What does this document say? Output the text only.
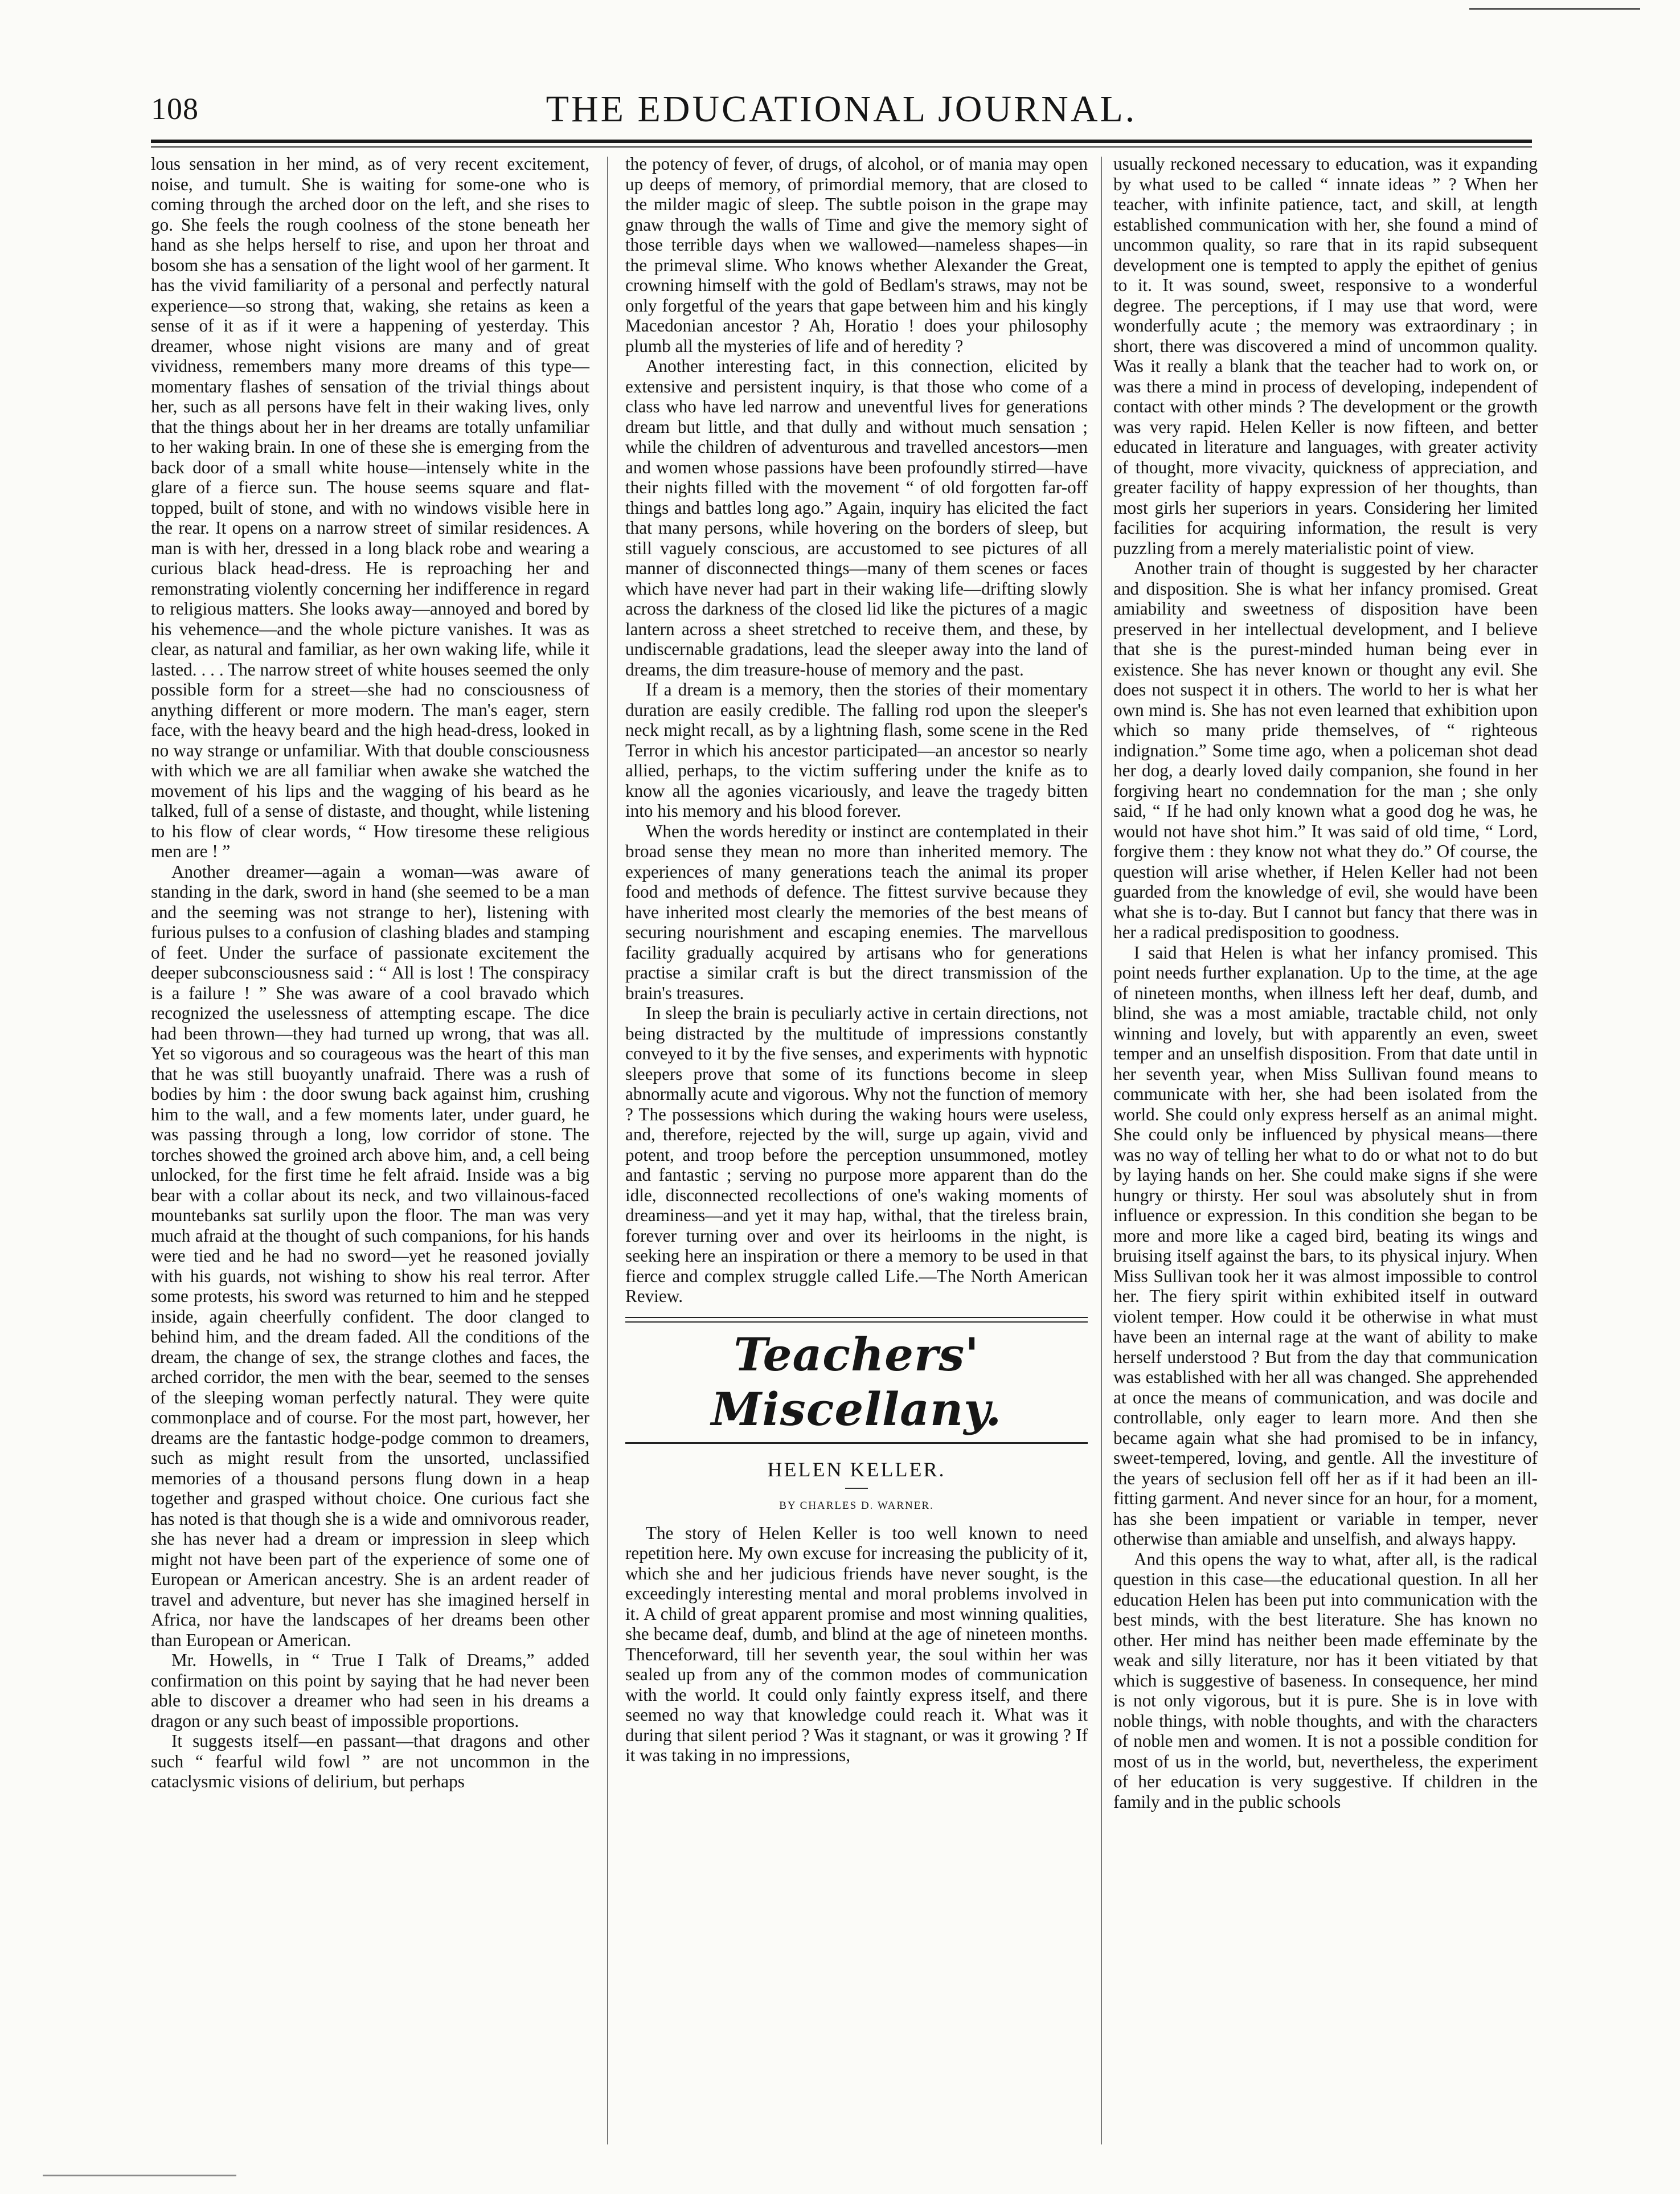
108	THE EDUCATIONAL JOURNAL.

lous sensation in her mind, as of very recent excitement, noise, and tumult. She is waiting for some-one who is coming through the arched door on the left, and she rises to go. She feels the rough coolness of the stone beneath her hand as she helps herself to rise, and upon her throat and bosom she has a sensation of the light wool of her garment. It has the vivid familiarity of a personal and perfectly natural experience—so strong that, waking, she retains as keen a sense of it as if it were a happening of yesterday. This dreamer, whose night visions are many and of great vividness, remembers many more dreams of this type—momentary flashes of sensation of the trivial things about her, such as all persons have felt in their waking lives, only that the things about her in her dreams are totally unfamiliar to her waking brain. In one of these she is emerging from the back door of a small white house—intensely white in the glare of a fierce sun. The house seems square and flat-topped, built of stone, and with no windows visible here in the rear. It opens on a narrow street of similar residences. A man is with her, dressed in a long black robe and wearing a curious black head-dress. He is reproaching her and remonstrating violently concerning her indifference in regard to religious matters. She looks away—annoyed and bored by his vehemence—and the whole picture vanishes. It was as clear, as natural and familiar, as her own waking life, while it lasted. . . . The narrow street of white houses seemed the only possible form for a street—she had no consciousness of anything different or more modern. The man's eager, stern face, with the heavy beard and the high head-dress, looked in no way strange or unfamiliar. With that double consciousness with which we are all familiar when awake she watched the movement of his lips and the wagging of his beard as he talked, full of a sense of distaste, and thought, while listening to his flow of clear words, “ How tiresome these religious men are ! ”

Another dreamer—again a woman—was aware of standing in the dark, sword in hand (she seemed to be a man and the seeming was not strange to her), listening with furious pulses to a confusion of clashing blades and stamping of feet. Under the surface of passionate excitement the deeper subconsciousness said : “ All is lost ! The conspiracy is a failure ! ” She was aware of a cool bravado which recognized the uselessness of attempting escape. The dice had been thrown—they had turned up wrong, that was all. Yet so vigorous and so courageous was the heart of this man that he was still buoyantly unafraid. There was a rush of bodies by him : the door swung back against him, crushing him to the wall, and a few moments later, under guard, he was passing through a long, low corridor of stone. The torches showed the groined arch above him, and, a cell being unlocked, for the first time he felt afraid. Inside was a big bear with a collar about its neck, and two villainous-faced mountebanks sat surlily upon the floor. The man was very much afraid at the thought of such companions, for his hands were tied and he had no sword—yet he reasoned jovially with his guards, not wishing to show his real terror. After some protests, his sword was returned to him and he stepped inside, again cheerfully confident. The door clanged to behind him, and the dream faded. All the conditions of the dream, the change of sex, the strange clothes and faces, the arched corridor, the men with the bear, seemed to the senses of the sleeping woman perfectly natural. They were quite commonplace and of course. For the most part, however, her dreams are the fantastic hodge-podge common to dreamers, such as might result from the unsorted, unclassified memories of a thousand persons flung down in a heap together and grasped without choice. One curious fact she has noted is that though she is a wide and omnivorous reader, she has never had a dream or impression in sleep which might not have been part of the experience of some one of European or American ancestry. She is an ardent reader of travel and adventure, but never has she imagined herself in Africa, nor have the landscapes of her dreams been other than European or American.

Mr. Howells, in “ True I Talk of Dreams,” added confirmation on this point by saying that he had never been able to discover a dreamer who had seen in his dreams a dragon or any such beast of impossible proportions.

It suggests itself—en passant—that dragons and other such “ fearful wild fowl ” are not uncommon in the cataclysmic visions of delirium, but perhaps

the potency of fever, of drugs, of alcohol, or of mania may open up deeps of memory, of primordial memory, that are closed to the milder magic of sleep. The subtle poison in the grape may gnaw through the walls of Time and give the memory sight of those terrible days when we wallowed—nameless shapes—in the primeval slime. Who knows whether Alexander the Great, crowning himself with the gold of Bedlam's straws, may not be only forgetful of the years that gape between him and his kingly Macedonian ancestor ? Ah, Horatio ! does your philosophy plumb all the mysteries of life and of heredity ?

Another interesting fact, in this connection, elicited by extensive and persistent inquiry, is that those who come of a class who have led narrow and uneventful lives for generations dream but little, and that dully and without much sensation ; while the children of adventurous and travelled ancestors—men and women whose passions have been profoundly stirred—have their nights filled with the movement “ of old forgotten far-off things and battles long ago.” Again, inquiry has elicited the fact that many persons, while hovering on the borders of sleep, but still vaguely conscious, are accustomed to see pictures of all manner of disconnected things—many of them scenes or faces which have never had part in their waking life—drifting slowly across the darkness of the closed lid like the pictures of a magic lantern across a sheet stretched to receive them, and these, by undiscernable gradations, lead the sleeper away into the land of dreams, the dim treasure-house of memory and the past.

If a dream is a memory, then the stories of their momentary duration are easily credible. The falling rod upon the sleeper's neck might recall, as by a lightning flash, some scene in the Red Terror in which his ancestor participated—an ancestor so nearly allied, perhaps, to the victim suffering under the knife as to know all the agonies vicariously, and leave the tragedy bitten into his memory and his blood forever.

When the words heredity or instinct are contemplated in their broad sense they mean no more than inherited memory. The experiences of many generations teach the animal its proper food and methods of defence. The fittest survive because they have inherited most clearly the memories of the best means of securing nourishment and escaping enemies. The marvellous facility gradually acquired by artisans who for generations practise a similar craft is but the direct transmission of the brain's treasures.

In sleep the brain is peculiarly active in certain directions, not being distracted by the multitude of impressions constantly conveyed to it by the five senses, and experiments with hypnotic sleepers prove that some of its functions become in sleep abnormally acute and vigorous. Why not the function of memory ? The possessions which during the waking hours were useless, and, therefore, rejected by the will, surge up again, vivid and potent, and troop before the perception unsummoned, motley and fantastic ; serving no purpose more apparent than do the idle, disconnected recollections of one's waking moments of dreaminess—and yet it may hap, withal, that the tireless brain, forever turning over and over its heirlooms in the night, is seeking here an inspiration or there a memory to be used in that fierce and complex struggle called Life.—The North American Review.

Teachers' Miscellany.
HELEN KELLER.
BY CHARLES D. WARNER.

The story of Helen Keller is too well known to need repetition here. My own excuse for increasing the publicity of it, which she and her judicious friends have never sought, is the exceedingly interesting mental and moral problems involved in it. A child of great apparent promise and most winning qualities, she became deaf, dumb, and blind at the age of nineteen months. Thenceforward, till her seventh year, the soul within her was sealed up from any of the common modes of communication with the world. It could only faintly express itself, and there seemed no way that knowledge could reach it. What was it during that silent period ? Was it stagnant, or was it growing ? If it was taking in no impressions,

usually reckoned necessary to education, was it expanding by what used to be called “ innate ideas ” ? When her teacher, with infinite patience, tact, and skill, at length established communication with her, she found a mind of uncommon quality, so rare that in its rapid subsequent development one is tempted to apply the epithet of genius to it. It was sound, sweet, responsive to a wonderful degree. The perceptions, if I may use that word, were wonderfully acute ; the memory was extraordinary ; in short, there was discovered a mind of uncommon quality. Was it really a blank that the teacher had to work on, or was there a mind in process of developing, independent of contact with other minds ? The development or the growth was very rapid. Helen Keller is now fifteen, and better educated in literature and languages, with greater activity of thought, more vivacity, quickness of appreciation, and greater facility of happy expression of her thoughts, than most girls her superiors in years. Considering her limited facilities for acquiring information, the result is very puzzling from a merely materialistic point of view.

Another train of thought is suggested by her character and disposition. She is what her infancy promised. Great amiability and sweetness of disposition have been preserved in her intellectual development, and I believe that she is the purest-minded human being ever in existence. She has never known or thought any evil. She does not suspect it in others. The world to her is what her own mind is. She has not even learned that exhibition upon which so many pride themselves, of “ righteous indignation.” Some time ago, when a policeman shot dead her dog, a dearly loved daily companion, she found in her forgiving heart no condemnation for the man ; she only said, “ If he had only known what a good dog he was, he would not have shot him.” It was said of old time, “ Lord, forgive them : they know not what they do.” Of course, the question will arise whether, if Helen Keller had not been guarded from the knowledge of evil, she would have been what she is to-day. But I cannot but fancy that there was in her a radical predisposition to goodness.

I said that Helen is what her infancy promised. This point needs further explanation. Up to the time, at the age of nineteen months, when illness left her deaf, dumb, and blind, she was a most amiable, tractable child, not only winning and lovely, but with apparently an even, sweet temper and an unselfish disposition. From that date until in her seventh year, when Miss Sullivan found means to communicate with her, she had been isolated from the world. She could only express herself as an animal might. She could only be influenced by physical means—there was no way of telling her what to do or what not to do but by laying hands on her. She could make signs if she were hungry or thirsty. Her soul was absolutely shut in from influence or expression. In this condition she began to be more and more like a caged bird, beating its wings and bruising itself against the bars, to its physical injury. When Miss Sullivan took her it was almost impossible to control her. The fiery spirit within exhibited itself in outward violent temper. How could it be otherwise in what must have been an internal rage at the want of ability to make herself understood ? But from the day that communication was established with her all was changed. She apprehended at once the means of communication, and was docile and controllable, only eager to learn more. And then she became again what she had promised to be in infancy, sweet-tempered, loving, and gentle. All the investiture of the years of seclusion fell off her as if it had been an ill-fitting garment. And never since for an hour, for a moment, has she been impatient or variable in temper, never otherwise than amiable and unselfish, and always happy.

And this opens the way to what, after all, is the radical question in this case—the educational question. In all her education Helen has been put into communication with the best minds, with the best literature. She has known no other. Her mind has neither been made effeminate by the weak and silly literature, nor has it been vitiated by that which is suggestive of baseness. In consequence, her mind is not only vigorous, but it is pure. She is in love with noble things, with noble thoughts, and with the characters of noble men and women. It is not a possible condition for most of us in the world, but, nevertheless, the experiment of her education is very suggestive. If children in the family and in the public schools
